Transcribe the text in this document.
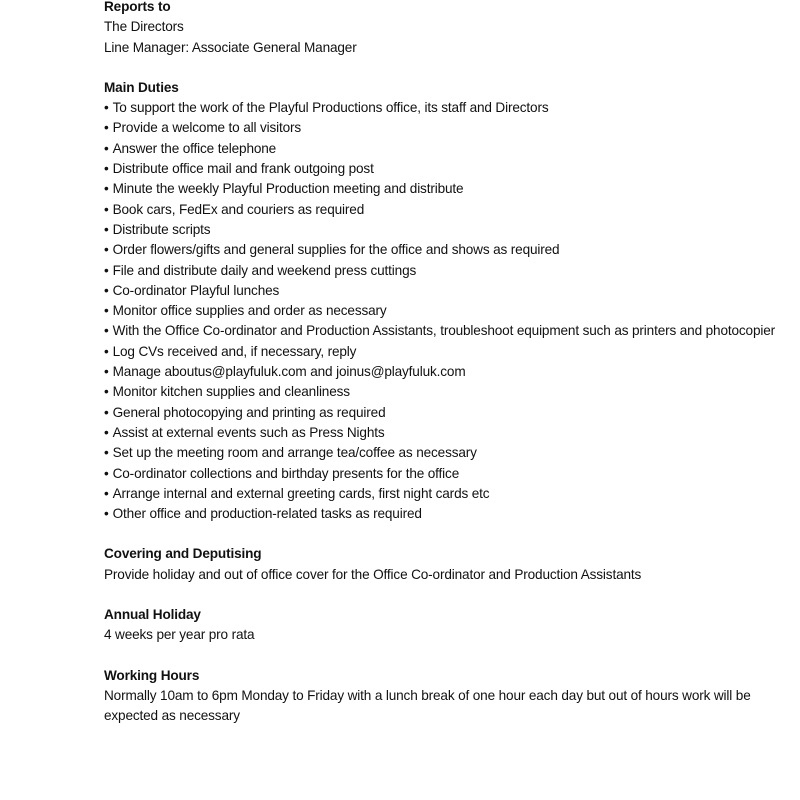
Reports to

The Directors

Line Manager: Associate General Manager

Main Duties

• To support the work of the Playful Productions office, its staff and Directors
• Provide a welcome to all visitors
• Answer the office telephone
• Distribute office mail and frank outgoing post
• Minute the weekly Playful Production meeting and distribute
• Book cars, FedEx and couriers as required
• Distribute scripts
• Order flowers/gifts and general supplies for the office and shows as required
• File and distribute daily and weekend press cuttings
• Co-ordinator Playful lunches
• Monitor office supplies and order as necessary
• With the Office Co-ordinator and Production Assistants, troubleshoot equipment such as printers and photocopier
• Log CVs received and, if necessary, reply
• Manage aboutus@playfuluk.com and joinus@playfuluk.com
• Monitor kitchen supplies and cleanliness
• General photocopying and printing as required
• Assist at external events such as Press Nights
• Set up the meeting room and arrange tea/coffee as necessary
• Co-ordinator collections and birthday presents for the office
• Arrange internal and external greeting cards, first night cards etc
• Other office and production-related tasks as required

Covering and Deputising

Provide holiday and out of office cover for the Office Co-ordinator and Production Assistants

Annual Holiday

4 weeks per year pro rata

Working Hours

Normally 10am to 6pm Monday to Friday with a lunch break of one hour each day but out of hours work will be expected as necessary
